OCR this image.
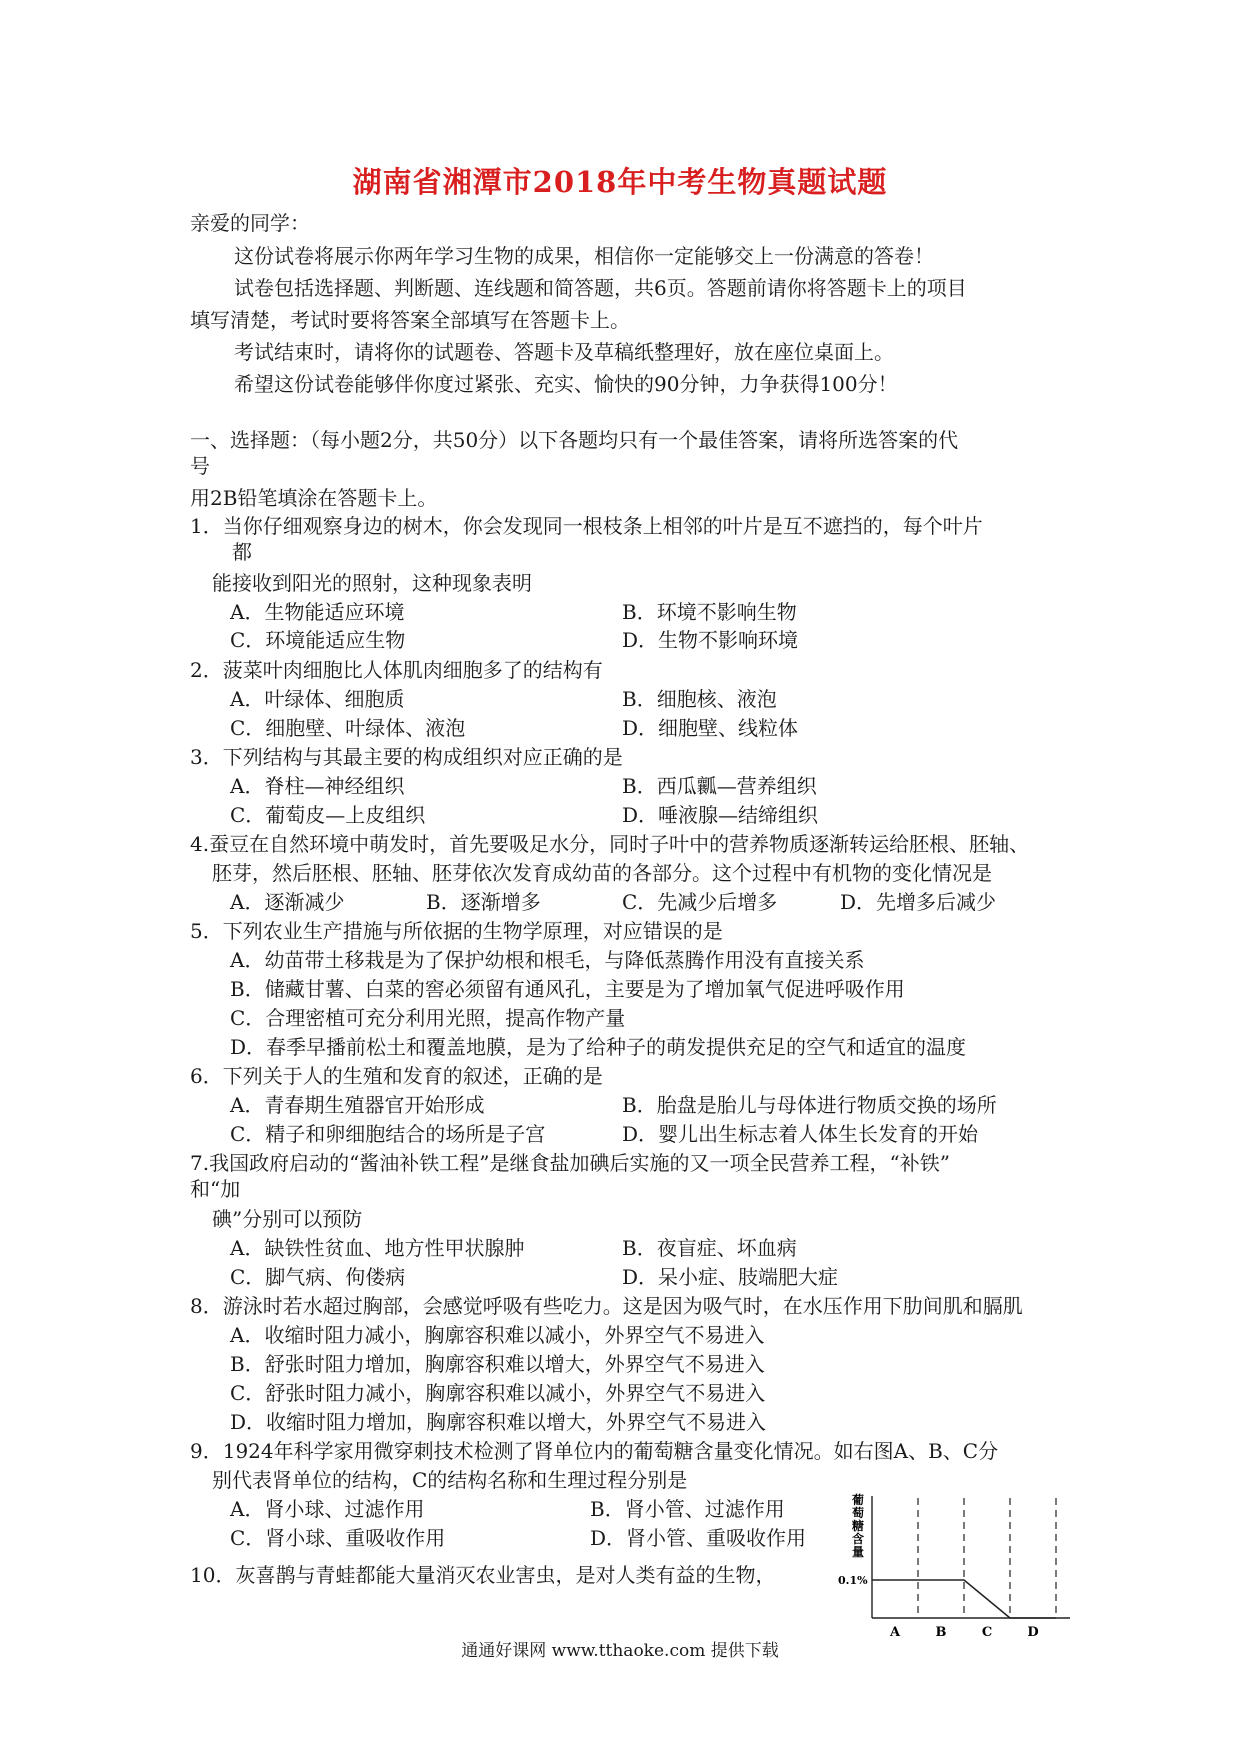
湖南省湘潭市2018年中考生物真题试题
亲爱的同学：
这份试卷将展示你两年学习生物的成果，相信你一定能够交上一份满意的答卷！
试卷包括选择题、判断题、连线题和简答题，共6页。答题前请你将答题卡上的项目
填写清楚，考试时要将答案全部填写在答题卡上。
考试结束时，请将你的试题卷、答题卡及草稿纸整理好，放在座位桌面上。
希望这份试卷能够伴你度过紧张、充实、愉快的90分钟，力争获得100分！
一、选择题：（每小题2分，共50分）以下各题均只有一个最佳答案，请将所选答案的代
号
用2B铅笔填涂在答题卡上。
1．当你仔细观察身边的树木，你会发现同一根枝条上相邻的叶片是互不遮挡的，每个叶片
都
能接收到阳光的照射，这种现象表明
A．生物能适应环境	B．环境不影响生物
C．环境能适应生物	D．生物不影响环境
2．菠菜叶肉细胞比人体肌肉细胞多了的结构有
A．叶绿体、细胞质	B．细胞核、液泡
C．细胞壁、叶绿体、液泡	D．细胞壁、线粒体
3．下列结构与其最主要的构成组织对应正确的是
A．脊柱—神经组织	B．西瓜瓤—营养组织
C．葡萄皮—上皮组织	D．唾液腺—结缔组织
4.蚕豆在自然环境中萌发时，首先要吸足水分，同时子叶中的营养物质逐渐转运给胚根、胚轴、
胚芽，然后胚根、胚轴、胚芽依次发育成幼苗的各部分。这个过程中有机物的变化情况是
A．逐渐减少	B．逐渐增多	C．先减少后增多	D．先增多后减少
5．下列农业生产措施与所依据的生物学原理，对应错误的是
A．幼苗带土移栽是为了保护幼根和根毛，与降低蒸腾作用没有直接关系
B．储藏甘薯、白菜的窖必须留有通风孔，主要是为了增加氧气促进呼吸作用
C．合理密植可充分利用光照，提高作物产量
D．春季早播前松土和覆盖地膜，是为了给种子的萌发提供充足的空气和适宜的温度
6．下列关于人的生殖和发育的叙述，正确的是
A．青春期生殖器官开始形成	B．胎盘是胎儿与母体进行物质交换的场所
C．精子和卵细胞结合的场所是子宫	D．婴儿出生标志着人体生长发育的开始
7.我国政府启动的“酱油补铁工程”是继食盐加碘后实施的又一项全民营养工程，“补铁”
和“加
碘”分别可以预防
A．缺铁性贫血、地方性甲状腺肿	B．夜盲症、坏血病
C．脚气病、佝偻病	D．呆小症、肢端肥大症
8．游泳时若水超过胸部，会感觉呼吸有些吃力。这是因为吸气时，在水压作用下肋间肌和膈肌
A．收缩时阻力减小，胸廓容积难以减小，外界空气不易进入
B．舒张时阻力增加，胸廓容积难以增大，外界空气不易进入
C．舒张时阻力减小，胸廓容积难以减小，外界空气不易进入
D．收缩时阻力增加，胸廓容积难以增大，外界空气不易进入
9．1924年科学家用微穿刺技术检测了肾单位内的葡萄糖含量变化情况。如右图A、B、C分
别代表肾单位的结构，C的结构名称和生理过程分别是
A．肾小球、过滤作用	B．肾小管、过滤作用
C．肾小球、重吸收作用	D．肾小管、重吸收作用
10．灰喜鹊与青蛙都能大量消灭农业害虫，是对人类有益的生物，
葡萄糖含量
0.1%
A	B	C	D
通通好课网 www.tthaoke.com 提供下载
